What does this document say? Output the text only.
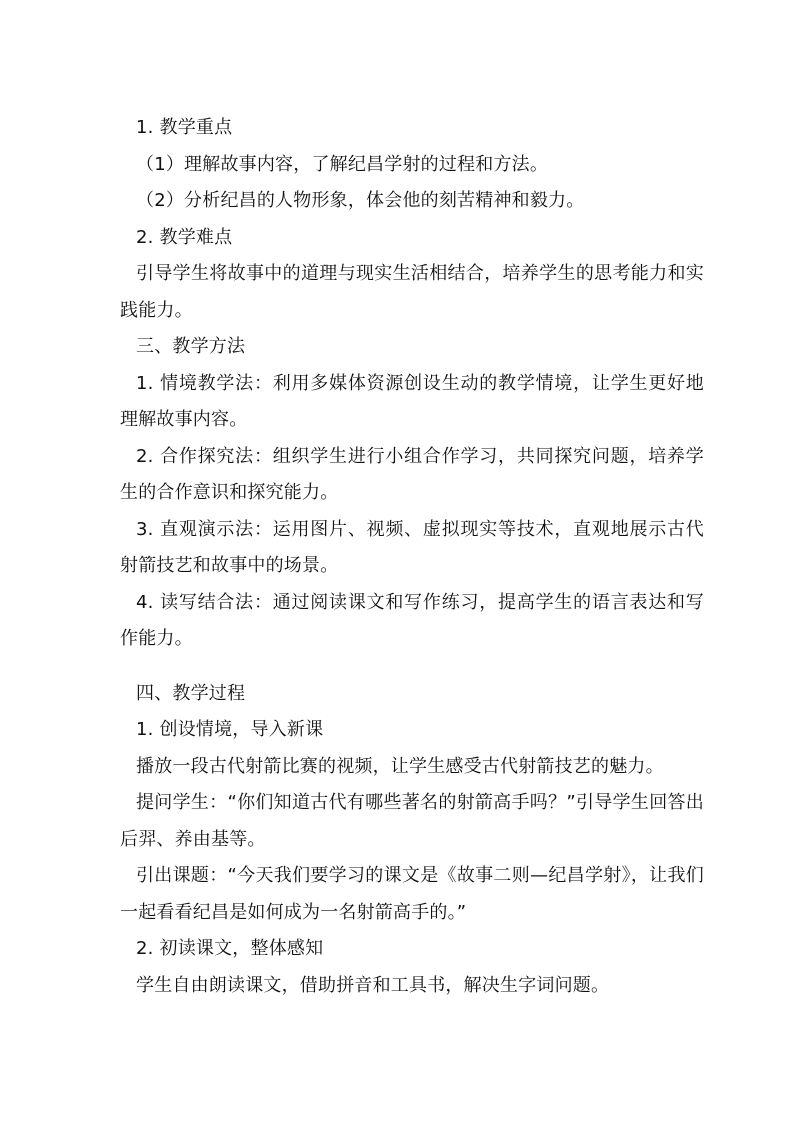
1. 教学重点

（1）理解故事内容，了解纪昌学射的过程和方法。

（2）分析纪昌的人物形象，体会他的刻苦精神和毅力。

2. 教学难点

引导学生将故事中的道理与现实生活相结合，培养学生的思考能力和实践能力。

三、教学方法

1. 情境教学法：利用多媒体资源创设生动的教学情境，让学生更好地理解故事内容。

2. 合作探究法：组织学生进行小组合作学习，共同探究问题，培养学生的合作意识和探究能力。

3. 直观演示法：运用图片、视频、虚拟现实等技术，直观地展示古代射箭技艺和故事中的场景。

4. 读写结合法：通过阅读课文和写作练习，提高学生的语言表达和写作能力。

四、教学过程

1. 创设情境，导入新课

播放一段古代射箭比赛的视频，让学生感受古代射箭技艺的魅力。

提问学生：“你们知道古代有哪些著名的射箭高手吗？”引导学生回答出后羿、养由基等。

引出课题：“今天我们要学习的课文是《故事二则—纪昌学射》，让我们一起看看纪昌是如何成为一名射箭高手的。”

2. 初读课文，整体感知

学生自由朗读课文，借助拼音和工具书，解决生字词问题。
